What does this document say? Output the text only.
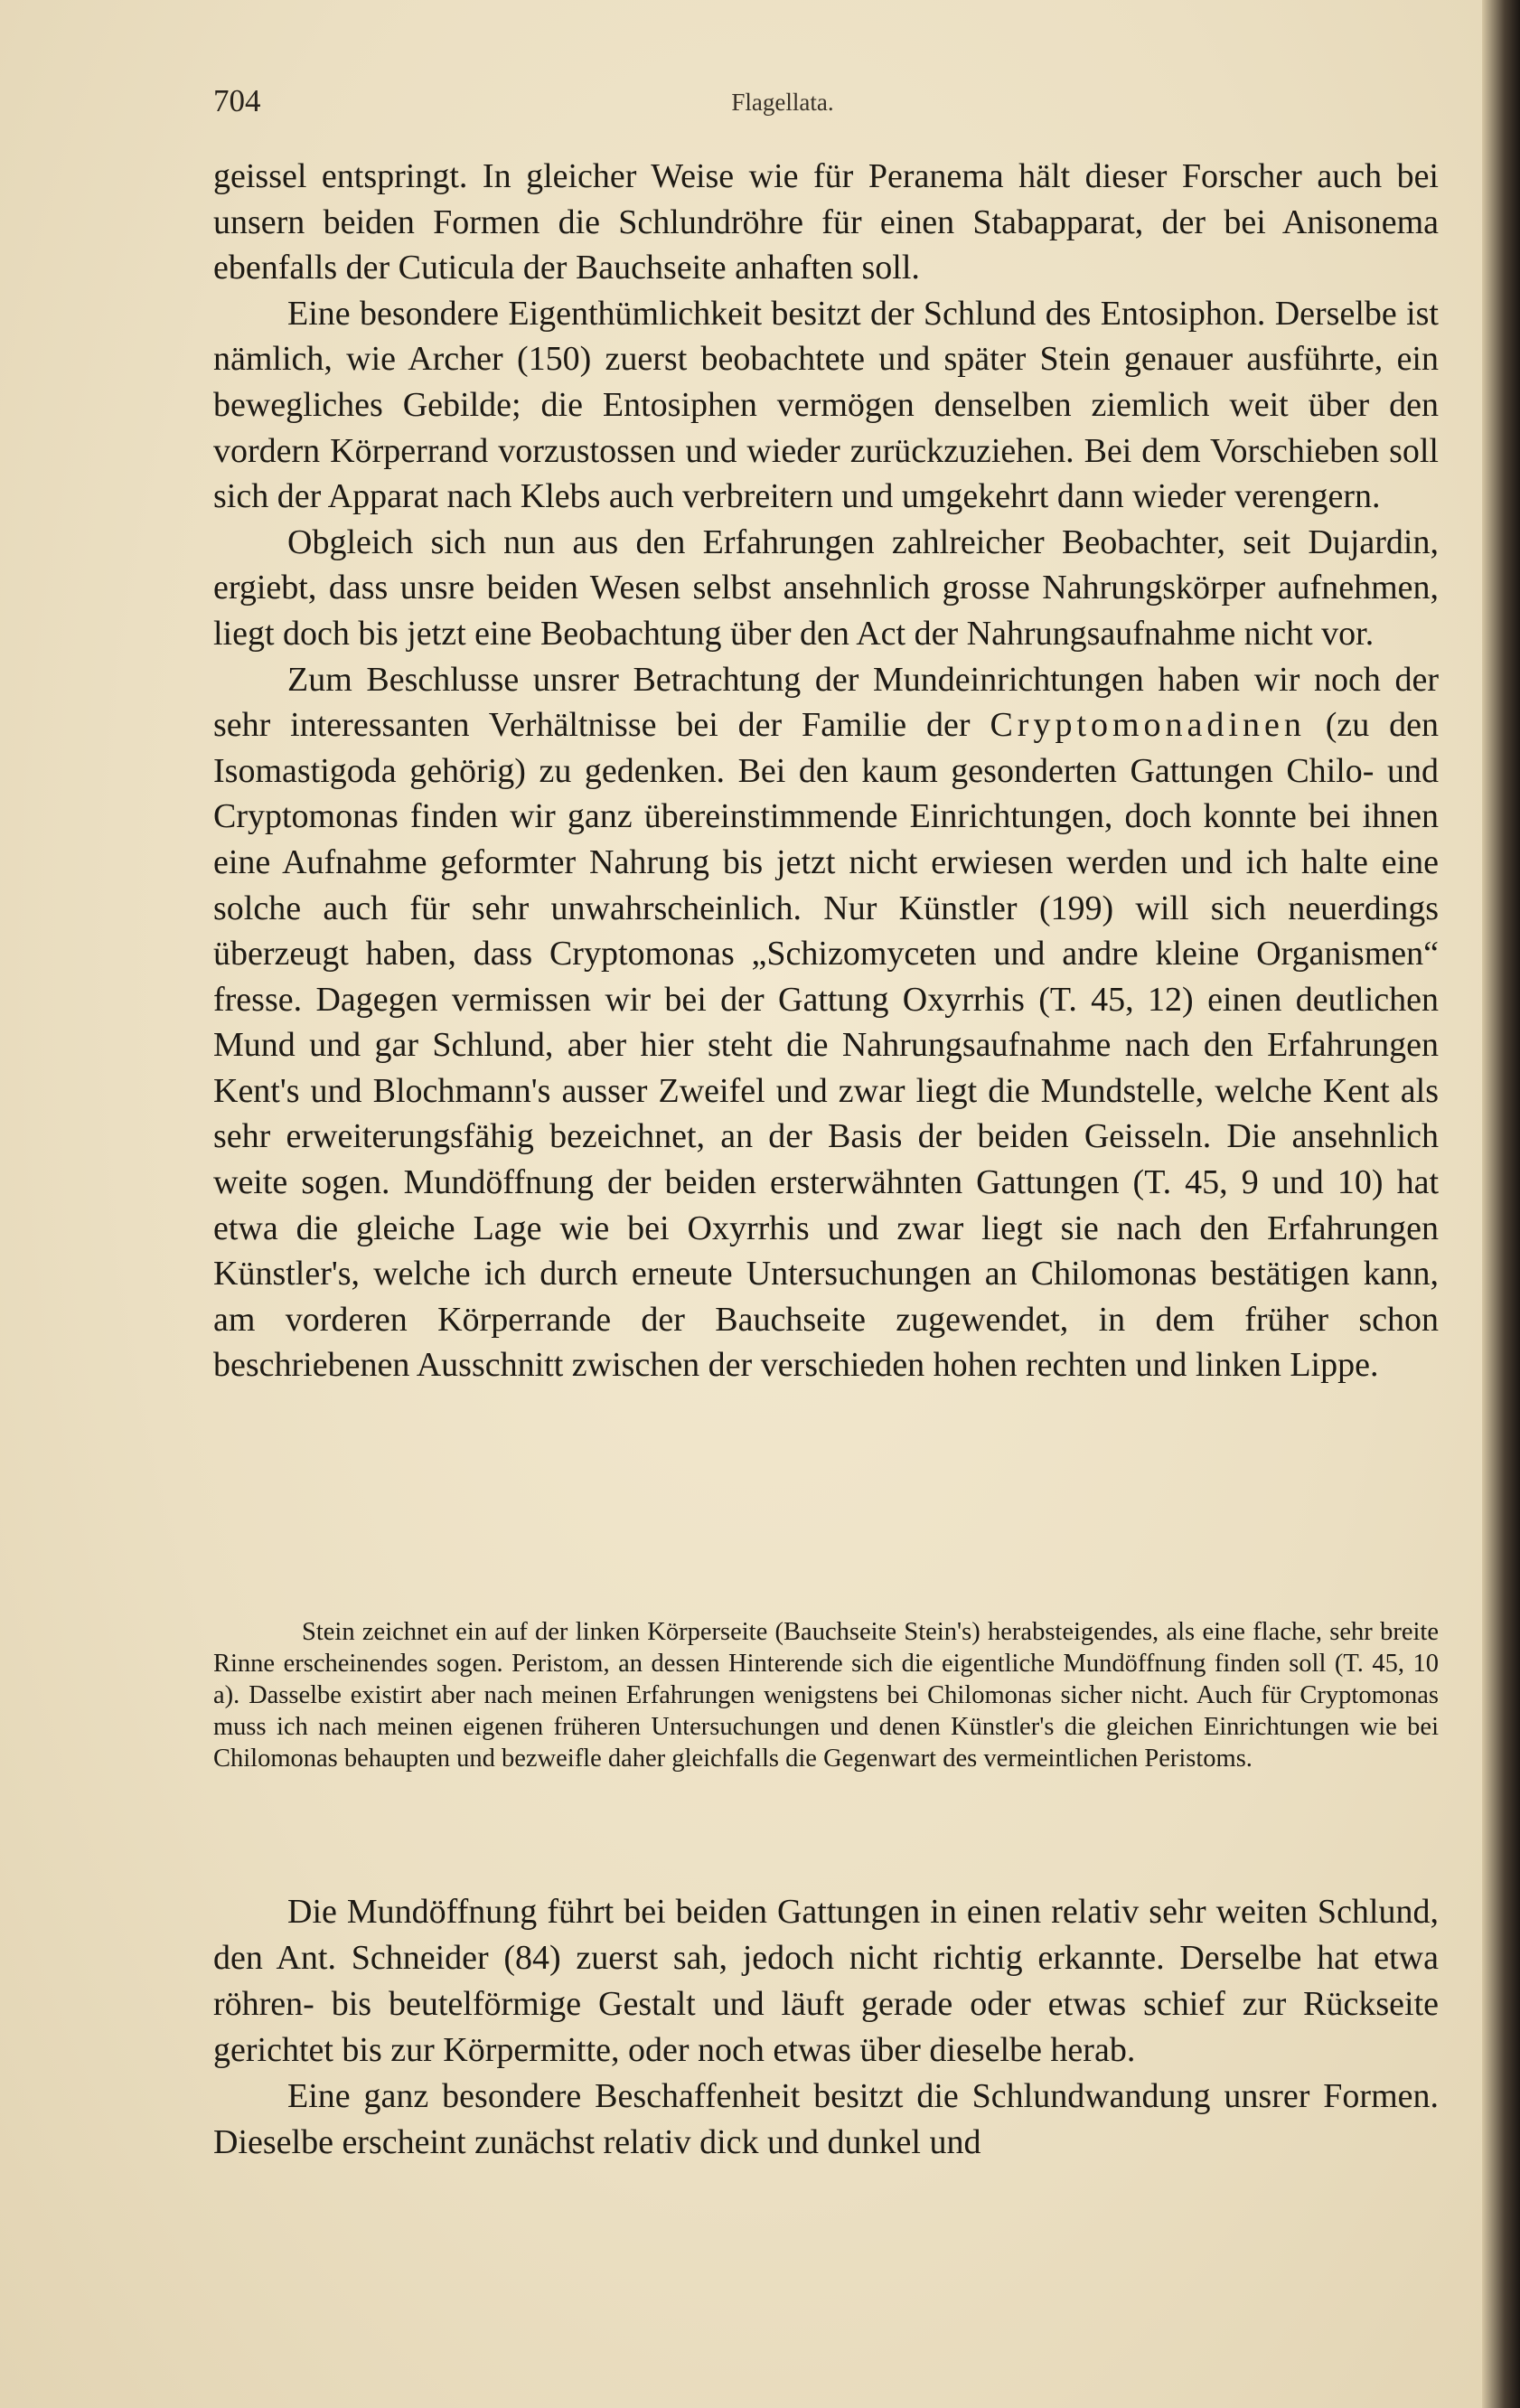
704	Flagellata.

geissel entspringt. In gleicher Weise wie für Peranema hält dieser Forscher auch bei unsern beiden Formen die Schlundröhre für einen Stabapparat, der bei Anisonema ebenfalls der Cuticula der Bauchseite anhaften soll.

Eine besondere Eigenthümlichkeit besitzt der Schlund des Entosiphon. Derselbe ist nämlich, wie Archer (150) zuerst beobachtete und später Stein genauer ausführte, ein bewegliches Gebilde; die Entosiphen vermögen denselben ziemlich weit über den vordern Körperrand vorzustossen und wieder zurückzuziehen. Bei dem Vorschieben soll sich der Apparat nach Klebs auch verbreitern und umgekehrt dann wieder verengern.

Obgleich sich nun aus den Erfahrungen zahlreicher Beobachter, seit Dujardin, ergiebt, dass unsre beiden Wesen selbst ansehnlich grosse Nahrungskörper aufnehmen, liegt doch bis jetzt eine Beobachtung über den Act der Nahrungsaufnahme nicht vor.

Zum Beschlusse unsrer Betrachtung der Mundeinrichtungen haben wir noch der sehr interessanten Verhältnisse bei der Familie der Cryptomonadinen (zu den Isomastigoda gehörig) zu gedenken. Bei den kaum gesonderten Gattungen Chilo- und Cryptomonas finden wir ganz übereinstimmende Einrichtungen, doch konnte bei ihnen eine Aufnahme geformter Nahrung bis jetzt nicht erwiesen werden und ich halte eine solche auch für sehr unwahrscheinlich. Nur Künstler (199) will sich neuerdings überzeugt haben, dass Cryptomonas „Schizomyceten und andre kleine Organismen“ fresse. Dagegen vermissen wir bei der Gattung Oxyrrhis (T. 45, 12) einen deutlichen Mund und gar Schlund, aber hier steht die Nahrungsaufnahme nach den Erfahrungen Kent's und Blochmann's ausser Zweifel und zwar liegt die Mundstelle, welche Kent als sehr erweiterungsfähig bezeichnet, an der Basis der beiden Geisseln. Die ansehnlich weite sogen. Mundöffnung der beiden ersterwähnten Gattungen (T. 45, 9 und 10) hat etwa die gleiche Lage wie bei Oxyrrhis und zwar liegt sie nach den Erfahrungen Künstler's, welche ich durch erneute Untersuchungen an Chilomonas bestätigen kann, am vorderen Körperrande der Bauchseite zugewendet, in dem früher schon beschriebenen Ausschnitt zwischen der verschieden hohen rechten und linken Lippe.

Stein zeichnet ein auf der linken Körperseite (Bauchseite Stein's) herabsteigendes, als eine flache, sehr breite Rinne erscheinendes sogen. Peristom, an dessen Hinterende sich die eigentliche Mundöffnung finden soll (T. 45, 10 a). Dasselbe existirt aber nach meinen Erfahrungen wenigstens bei Chilomonas sicher nicht. Auch für Cryptomonas muss ich nach meinen eigenen früheren Untersuchungen und denen Künstler's die gleichen Einrichtungen wie bei Chilomonas behaupten und bezweifle daher gleichfalls die Gegenwart des vermeintlichen Peristoms.

Die Mundöffnung führt bei beiden Gattungen in einen relativ sehr weiten Schlund, den Ant. Schneider (84) zuerst sah, jedoch nicht richtig erkannte. Derselbe hat etwa röhren- bis beutelförmige Gestalt und läuft gerade oder etwas schief zur Rückseite gerichtet bis zur Körpermitte, oder noch etwas über dieselbe herab.

Eine ganz besondere Beschaffenheit besitzt die Schlundwandung unsrer Formen. Dieselbe erscheint zunächst relativ dick und dunkel und
